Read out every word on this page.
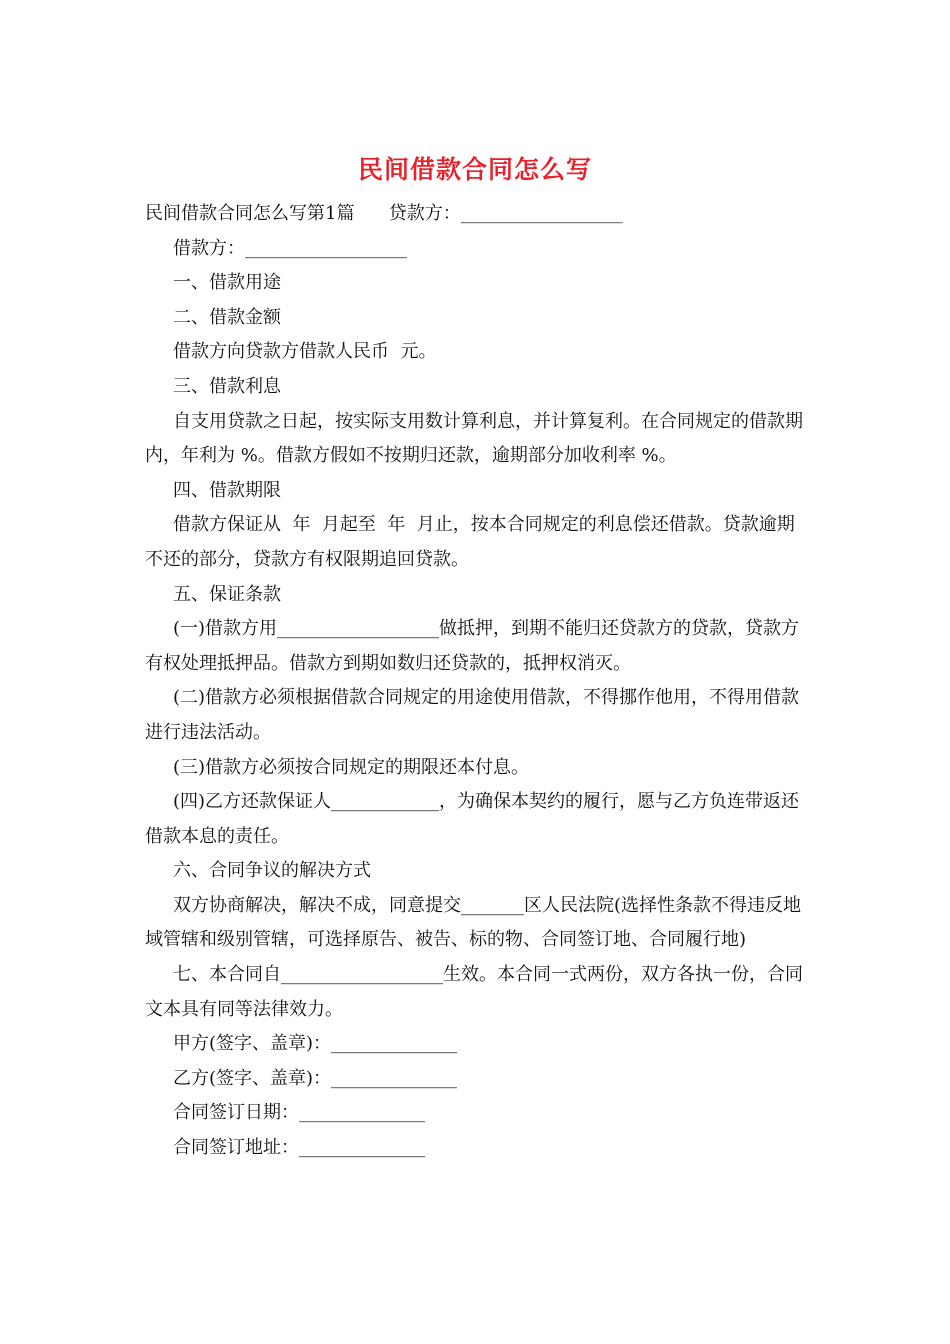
民间借款合同怎么写

民间借款合同怎么写第1篇      贷款方：__________________

借款方：__________________

一、借款用途

二、借款金额

借款方向贷款方借款人民币  元。

三、借款利息

自支用贷款之日起，按实际支用数计算利息，并计算复利。在合同规定的借款期内，年利为 %。借款方假如不按期归还款，逾期部分加收利率 %。

四、借款期限

借款方保证从  年  月起至  年  月止，按本合同规定的利息偿还借款。贷款逾期不还的部分，贷款方有权限期追回贷款。

五、保证条款

(一)借款方用__________________做抵押，到期不能归还贷款方的贷款，贷款方有权处理抵押品。借款方到期如数归还贷款的，抵押权消灭。

(二)借款方必须根据借款合同规定的用途使用借款，不得挪作他用，不得用借款进行违法活动。

(三)借款方必须按合同规定的期限还本付息。

(四)乙方还款保证人____________，为确保本契约的履行，愿与乙方负连带返还借款本息的责任。

六、合同争议的解决方式

双方协商解决，解决不成，同意提交_______区人民法院(选择性条款不得违反地域管辖和级别管辖，可选择原告、被告、标的物、合同签订地、合同履行地)

七、本合同自__________________生效。本合同一式两份，双方各执一份，合同文本具有同等法律效力。

甲方(签字、盖章)：______________

乙方(签字、盖章)：______________

合同签订日期：______________

合同签订地址：______________
